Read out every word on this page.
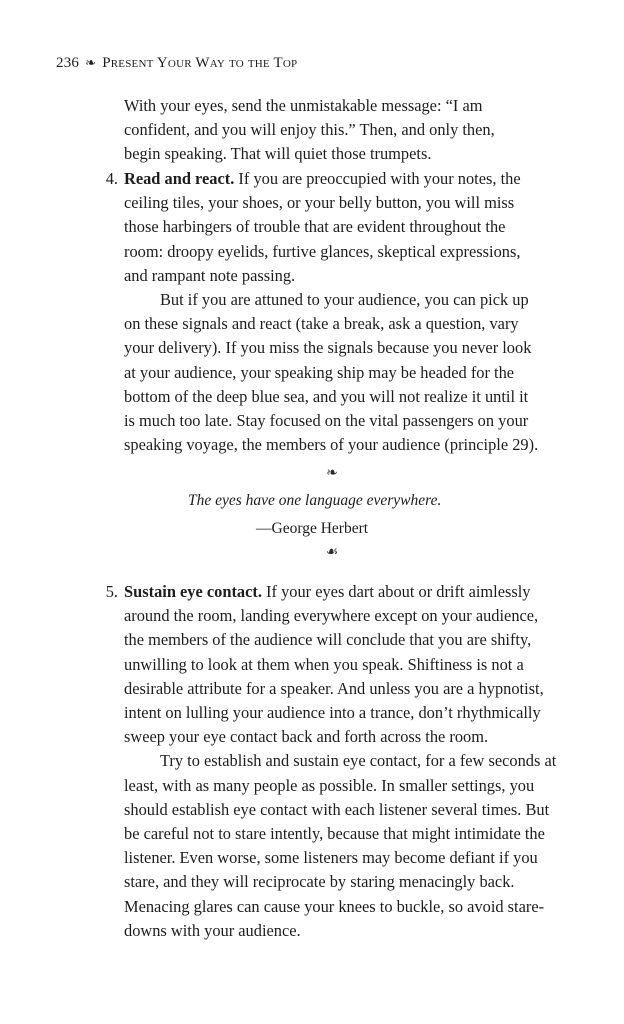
236 ❧ Present Your Way to the Top
With your eyes, send the unmistakable message: “I am
confident, and you will enjoy this.” Then, and only then,
begin speaking. That will quiet those trumpets.
4. Read and react. If you are preoccupied with your notes, the
ceiling tiles, your shoes, or your belly button, you will miss
those harbingers of trouble that are evident throughout the
room: droopy eyelids, furtive glances, skeptical expressions,
and rampant note passing.
But if you are attuned to your audience, you can pick up
on these signals and react (take a break, ask a question, vary
your delivery). If you miss the signals because you never look
at your audience, your speaking ship may be headed for the
bottom of the deep blue sea, and you will not realize it until it
is much too late. Stay focused on the vital passengers on your
speaking voyage, the members of your audience (principle 29).
❧
The eyes have one language everywhere.
—George Herbert
☙
5. Sustain eye contact. If your eyes dart about or drift aimlessly
around the room, landing everywhere except on your audience,
the members of the audience will conclude that you are shifty,
unwilling to look at them when you speak. Shiftiness is not a
desirable attribute for a speaker. And unless you are a hypnotist,
intent on lulling your audience into a trance, don’t rhythmically
sweep your eye contact back and forth across the room.
Try to establish and sustain eye contact, for a few seconds at
least, with as many people as possible. In smaller settings, you
should establish eye contact with each listener several times. But
be careful not to stare intently, because that might intimidate the
listener. Even worse, some listeners may become defiant if you
stare, and they will reciprocate by staring menacingly back.
Menacing glares can cause your knees to buckle, so avoid stare-
downs with your audience.
